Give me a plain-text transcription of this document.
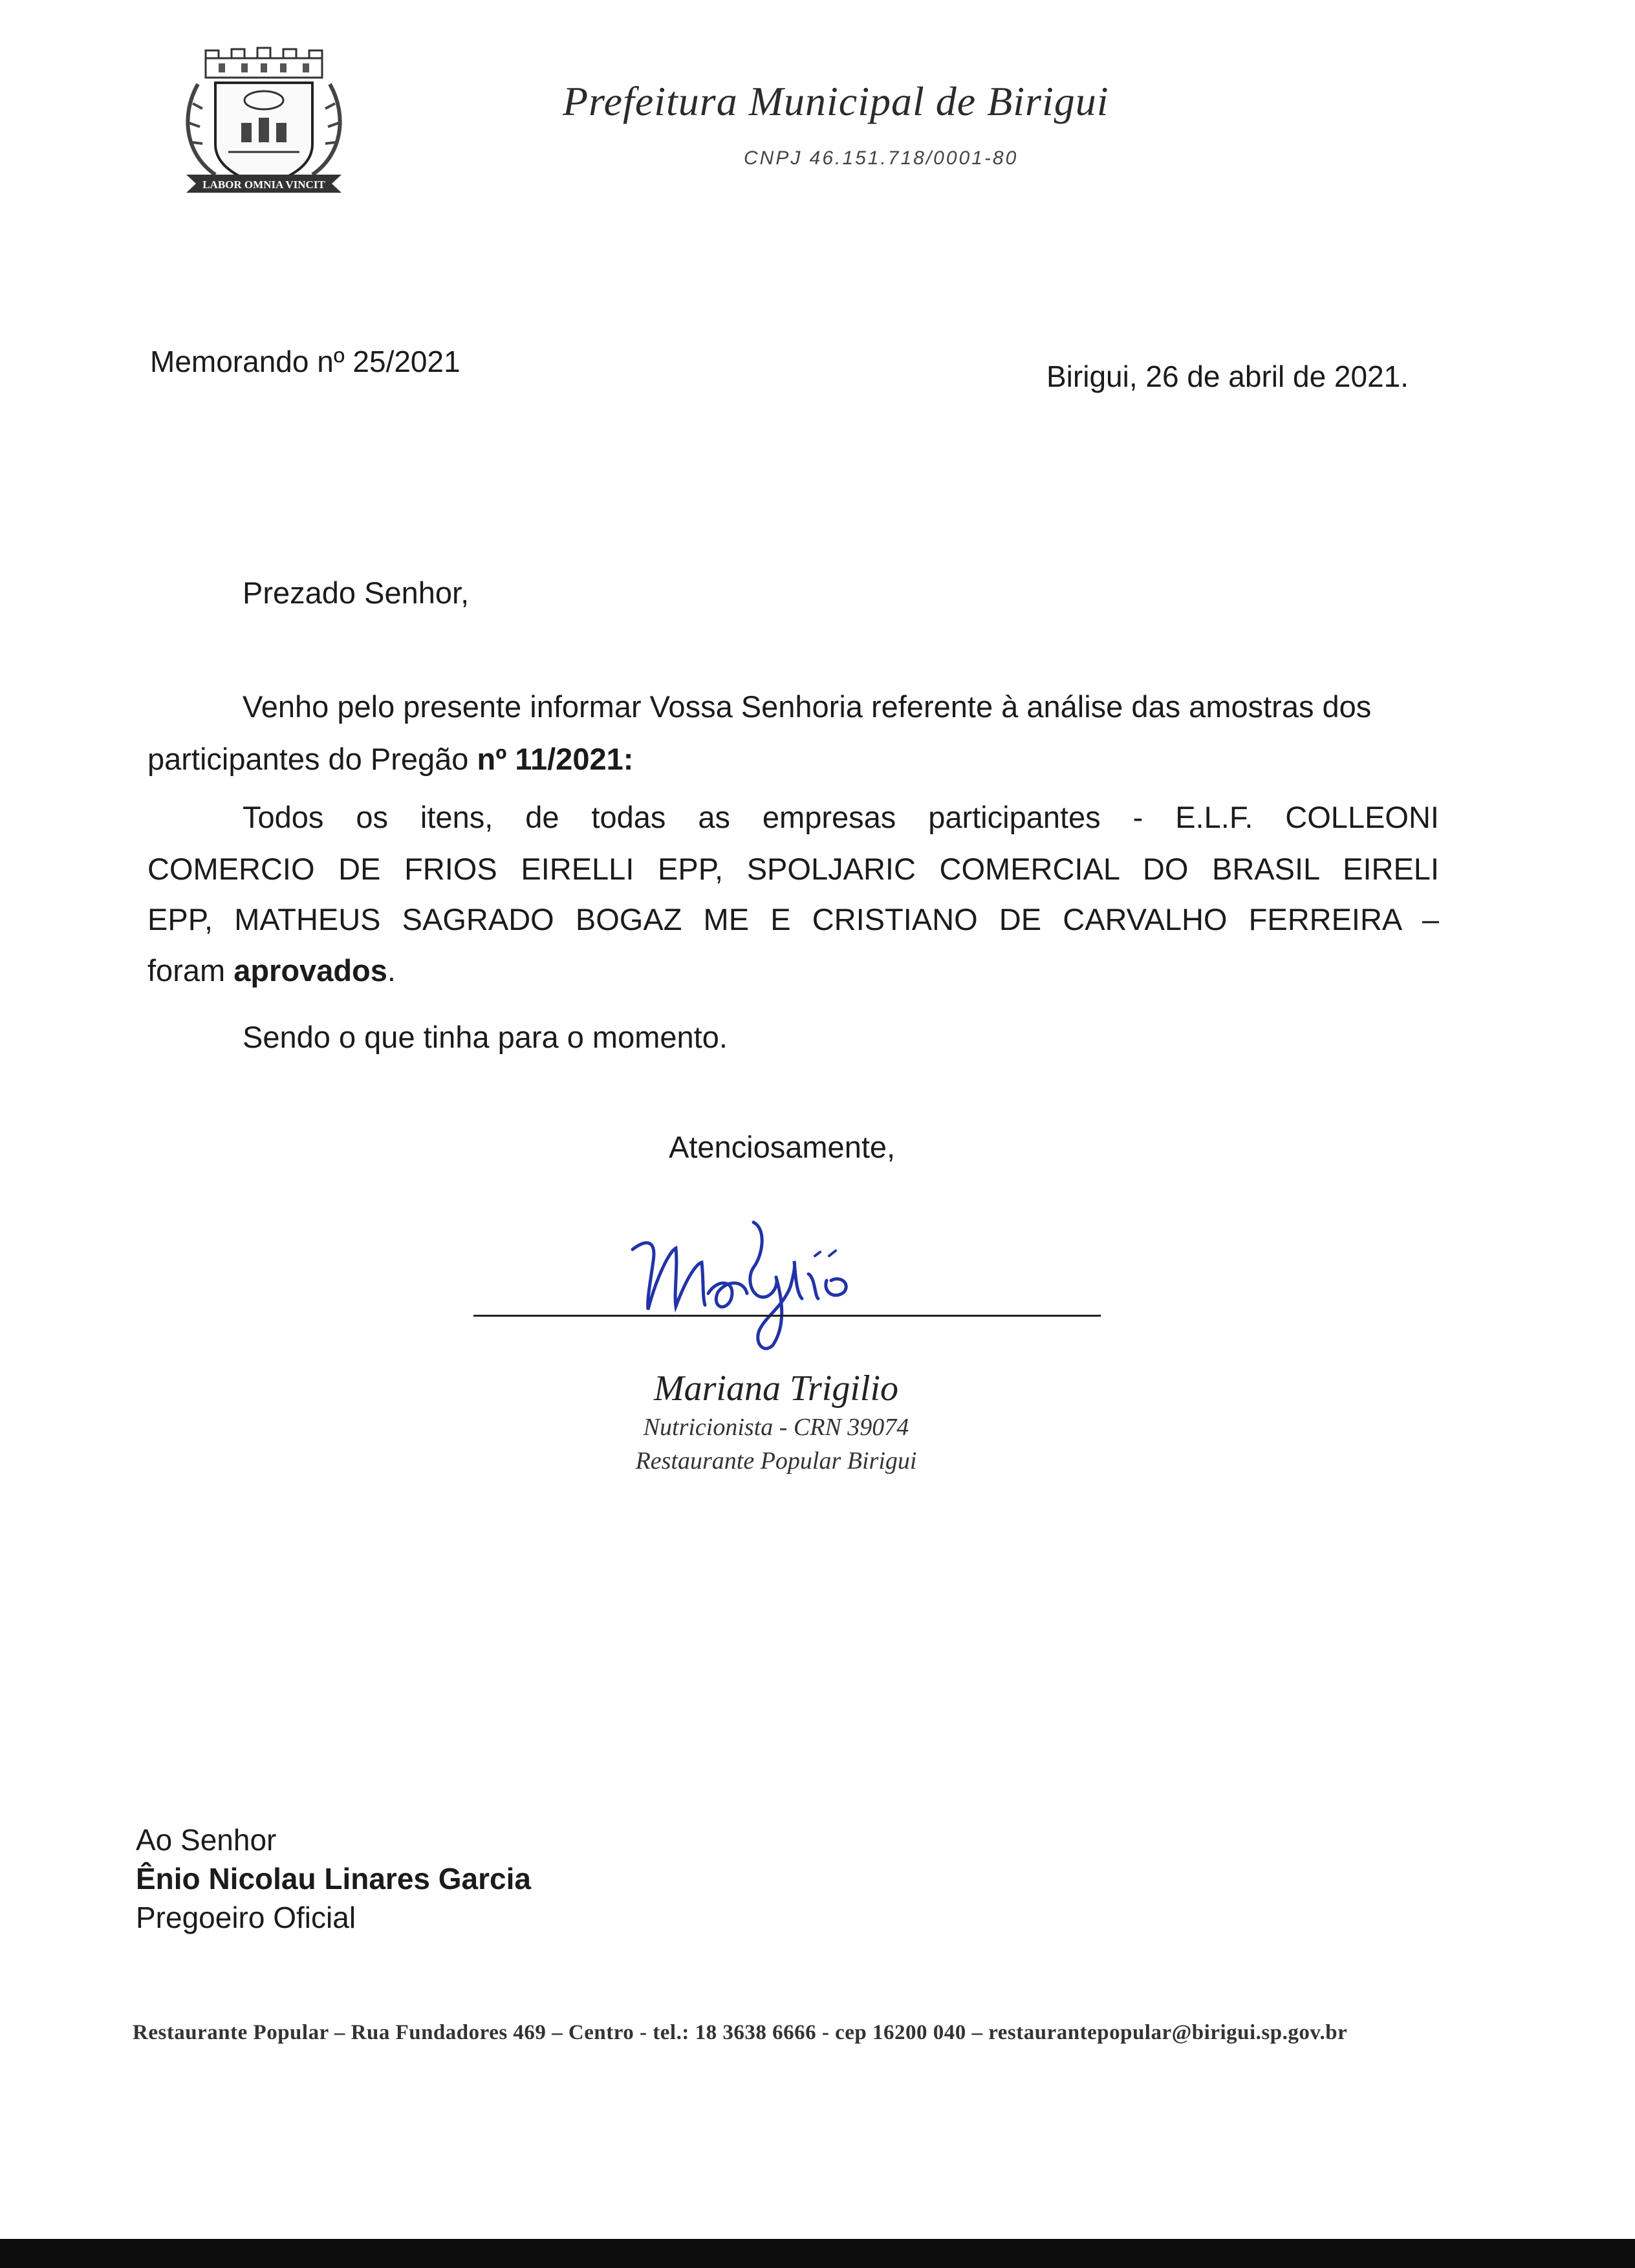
LABOR OMNIA VINCIT
Prefeitura Municipal de Birigui
CNPJ 46.151.718/0001-80
Memorando nº 25/2021	Birigui, 26 de abril de 2021.
Prezado Senhor,
Venho pelo presente informar Vossa Senhoria referente à análise das amostras dos
participantes do Pregão nº 11/2021:
Todos os itens, de todas as empresas participantes - E.L.F. COLLEONI
COMERCIO DE FRIOS EIRELLI EPP, SPOLJARIC COMERCIAL DO BRASIL EIRELI
EPP, MATHEUS SAGRADO BOGAZ ME E CRISTIANO DE CARVALHO FERREIRA –
foram aprovados.
Sendo o que tinha para o momento.
Atenciosamente,
Mariana Trigilio
Nutricionista - CRN 39074
Restaurante Popular Birigui
Ao Senhor
Ênio Nicolau Linares Garcia
Pregoeiro Oficial
Restaurante Popular – Rua Fundadores 469 – Centro - tel.: 18 3638 6666 - cep 16200 040 – restaurantepopular@birigui.sp.gov.br
